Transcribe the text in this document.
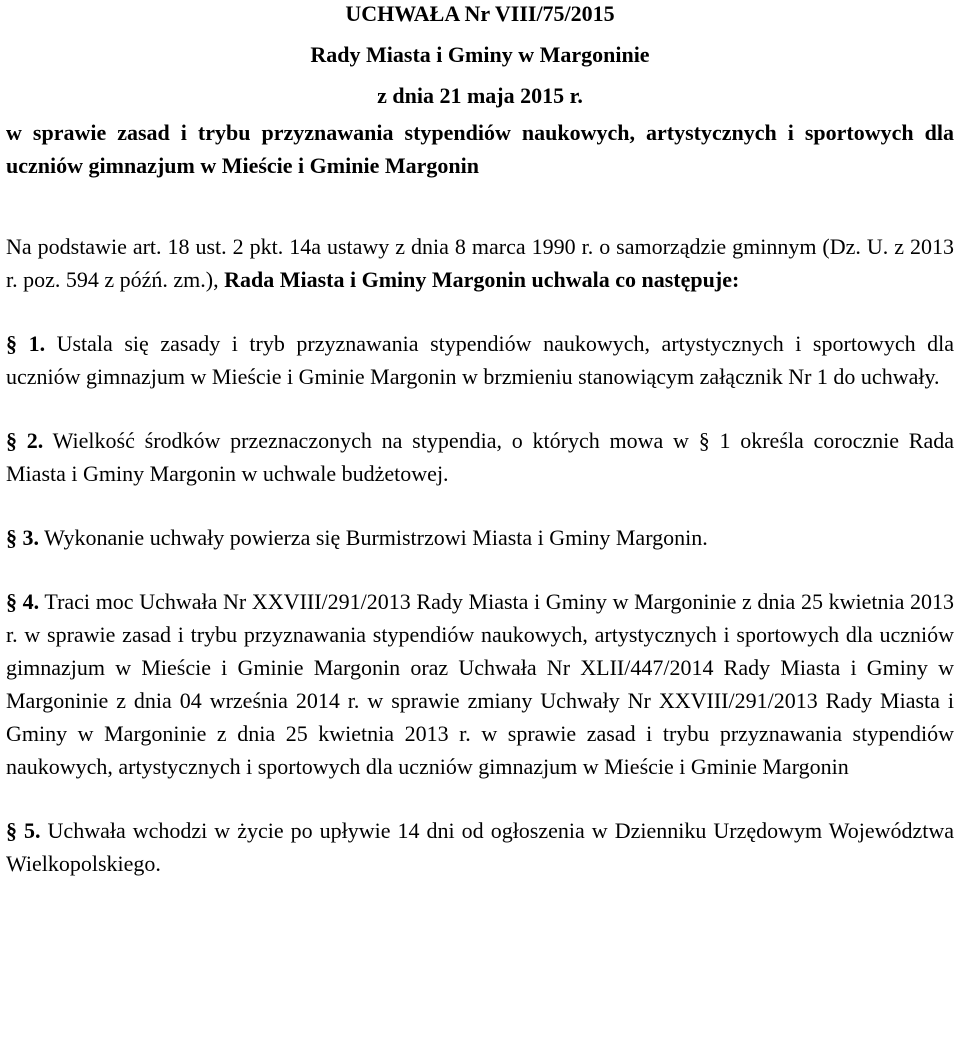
UCHWAŁA Nr VIII/75/2015
Rady Miasta i Gminy w Margoninie
z dnia 21 maja 2015 r.

w sprawie zasad i trybu przyznawania stypendiów naukowych, artystycznych i sportowych dla uczniów gimnazjum w Mieście i Gminie Margonin

Na podstawie art. 18 ust. 2 pkt. 14a ustawy z dnia 8 marca 1990 r. o samorządzie gminnym (Dz. U. z 2013 r. poz. 594 z późń. zm.), Rada Miasta i Gminy Margonin uchwala co następuje:

§ 1. Ustala się zasady i tryb przyznawania stypendiów naukowych, artystycznych i sportowych dla uczniów gimnazjum w Mieście i Gminie Margonin w brzmieniu stanowiącym załącznik Nr 1 do uchwały.

§ 2. Wielkość środków przeznaczonych na stypendia, o których mowa w § 1 określa corocznie Rada Miasta i Gminy Margonin w uchwale budżetowej.

§ 3. Wykonanie uchwały powierza się Burmistrzowi Miasta i Gminy Margonin.

§ 4. Traci moc Uchwała Nr XXVIII/291/2013 Rady Miasta i Gminy w Margoninie z dnia 25 kwietnia 2013 r. w sprawie zasad i trybu przyznawania stypendiów naukowych, artystycznych i sportowych dla uczniów gimnazjum w Mieście i Gminie Margonin oraz Uchwała Nr XLII/447/2014 Rady Miasta i Gminy w Margoninie z dnia 04 września 2014 r. w sprawie zmiany Uchwały Nr XXVIII/291/2013 Rady Miasta i Gminy w Margoninie z dnia 25 kwietnia 2013 r. w sprawie zasad i trybu przyznawania stypendiów naukowych, artystycznych i sportowych dla uczniów gimnazjum w Mieście i Gminie Margonin

§ 5. Uchwała wchodzi w życie po upływie 14 dni od ogłoszenia w Dzienniku Urzędowym Województwa Wielkopolskiego.
